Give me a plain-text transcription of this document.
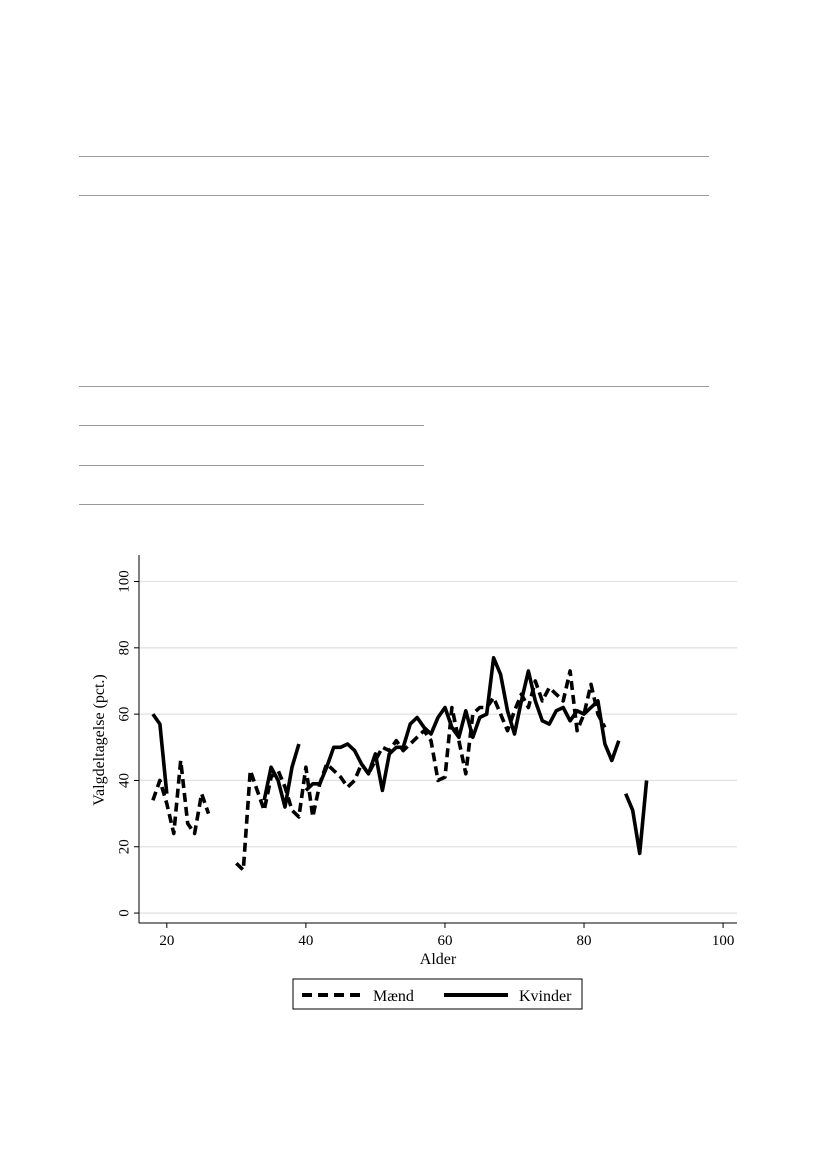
0
20
40
60
80
100
20	40	60	80	100
Alder
Valgdeltagelse (pct.)
Mænd	Kvinder
